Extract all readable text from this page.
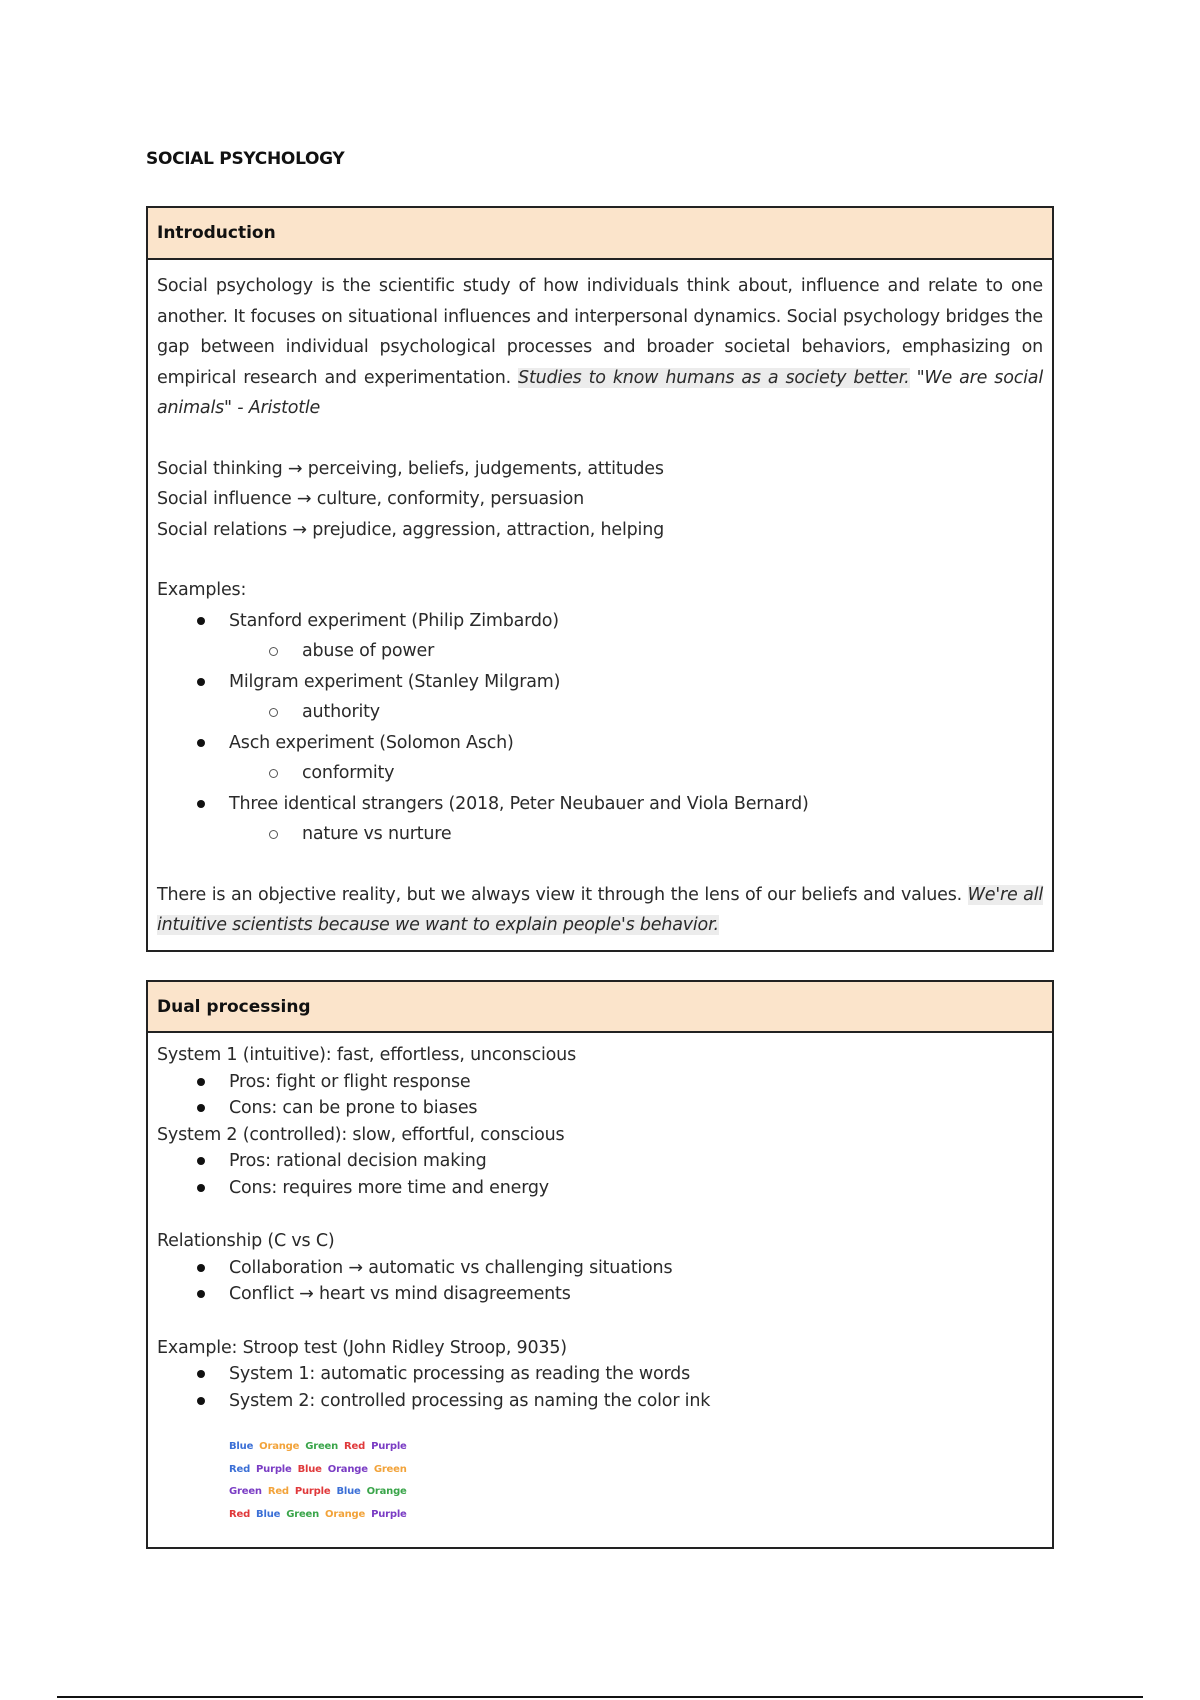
SOCIAL PSYCHOLOGY
Introduction

Social psychology is the scientific study of how individuals think about, influence and relate to one another. It focuses on situational influences and interpersonal dynamics. Social psychology bridges the gap between individual psychological processes and broader societal behaviors, emphasizing on empirical research and experimentation. Studies to know humans as a society better. "We are social animals" - Aristotle

Social thinking → perceiving, beliefs, judgements, attitudes
Social influence → culture, conformity, persuasion
Social relations → prejudice, aggression, attraction, helping
Examples:
Stanford experiment (Philip Zimbardo)
abuse of power
Milgram experiment (Stanley Milgram)
authority
Asch experiment (Solomon Asch)
conformity
Three identical strangers (2018, Peter Neubauer and Viola Bernard)
nature vs nurture

There is an objective reality, but we always view it through the lens of our beliefs and values. We're all intuitive scientists because we want to explain people's behavior.

Dual processing
System 1 (intuitive): fast, effortless, unconscious
Pros: fight or flight response
Cons: can be prone to biases
System 2 (controlled): slow, effortful, conscious
Pros: rational decision making
Cons: requires more time and energy
Relationship (C vs C)
Collaboration → automatic vs challenging situations
Conflict → heart vs mind disagreements
Example: Stroop test (John Ridley Stroop, 9035)
System 1: automatic processing as reading the words
System 2: controlled processing as naming the color ink
Blue Orange Green Red Purple
Red Purple Blue Orange Green
Green Red Purple Blue Orange
Red Blue Green Orange Purple
